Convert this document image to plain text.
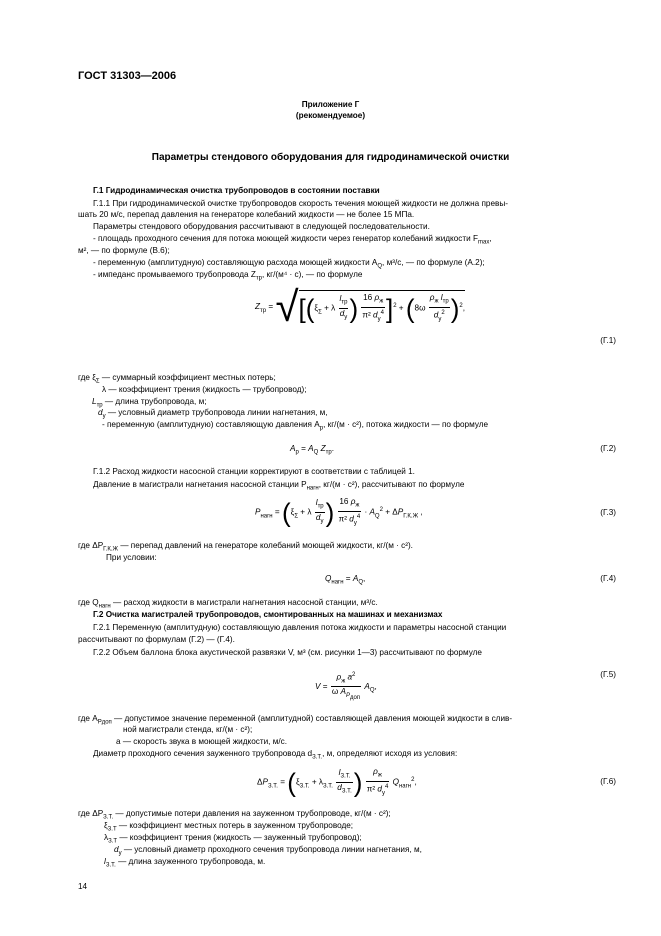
ГОСТ 31303—2006
Приложение Г
(рекомендуемое)
Параметры стендового оборудования для гидродинамической очистки
Г.1 Гидродинамическая очистка трубопроводов в состоянии поставки
Г.1.1 При гидродинамической очистке трубопроводов скорость течения моющей жидкости не должна превы-
шать 20 м/с, перепад давления на генераторе колебаний жидкости — не более 15 МПа.
Параметры стендового оборудования рассчитывают в следующей последовательности.
- площадь проходного сечения для потока моющей жидкости через генератор колебаний жидкости $F_{max}$,
м², — по формуле (В.6);
- переменную (амплитудную) составляющую расхода моющей жидкости $A_Q$, м³/с, — по формуле (А.2);
- импеданс промываемого трубопровода $Z_{тр}$, кг/(м⁴ · с), — по формуле
$Z_{тр} = √[(\xi_\Sigma + \lambda \frac{l_{тр}}{d_у}$ ) $\frac{16 \rho_ж}{\pi^2 d_у^4} ]^2 + (8\omega \frac{\rho_ж l_{тр}}{d_у^2} )^2$,
(Г.1)
где $\xi_\Sigma$ — суммарный коэффициент местных потерь;
λ — коэффициент трения (жидкость — трубопровод);
$L_{тр}$ — длина трубопровода, м;
$d_у$ — условный диаметр трубопровода линии нагнетания, м,
- переменную (амплитудную) составляющую давления $A_p$, кг/(м · с²), потока жидкости — по формуле
$A_p = A_Q$ $Z_{тр}$.	(Г.2)
Г.1.2 Расход жидкости насосной станции корректируют в соответствии с таблицей 1.
Давление в магистрали нагнетания насосной станции $P_{нагн}$, кг/(м · с²), рассчитывают по формуле
$P_{нагн} = (\xi_\Sigma + \lambda \frac{l_{тр}}{d_у}$ ) $\frac{16 \rho_ж}{\pi^2 d_у^4} \cdot A_Q^2 + \Delta P_{Г.К.Ж}$ ,	(Г.3)
где $\Delta P_{Г.К.Ж}$ — перепад давлений на генераторе колебаний моющей жидкости, кг/(м · с²).
При условии:
$Q_{нагн} = A_Q$,	(Г.4)
где $Q_{нагн}$ — расход жидкости в магистрали нагнетания насосной станции, м³/с.
Г.2 Очистка магистралей трубопроводов, смонтированных на машинах и механизмах
Г.2.1 Переменную (амплитудную) составляющую давления потока жидкости и параметры насосной станции
рассчитывают по формулам (Г.2) — (Г.4).
Г.2.2 Объем баллона блока акустической развязки V, м³ (см. рисунки 1—3) рассчитывают по формуле
$V = \frac{\rho_ж a^2}{\omega A_{P_{доп}}} A_Q$,
(Г.5)
где $A_{Pдоп}$ — допустимое значение переменной (амплитудной) составляющей давления моющей жидкости в слив-
ной магистрали стенда, кг/(м · с²);
a — скорость звука в моющей жидкости, м/с.
Диаметр проходного сечения зауженного трубопровода $d_{З.Т.}$, м, определяют исходя из условия:
$\Delta P_{З.Т.} = (\xi_{З.Т.} + \lambda_{З.Т.} \frac{l_{З.Т.}}{d_{З.Т.}}$ ) $\frac{\rho_ж}{\pi^2 d_у^4} Q_{нагн}^2$,	(Г.6)
где $\Delta P_{З.Т.}$ — допустимые потери давления на зауженном трубопроводе, кг/(м · с²);
$\xi_{З.Т}$ — коэффициент местных потерь в зауженном трубопроводе;
$\lambda_{З.Т}$ — коэффициент трения (жидкость — зауженный трубопровод);
$d_у$ — условный диаметр проходного сечения трубопровода линии нагнетания, м,
$l_{З.Т.}$ — длина зауженного трубопровода, м.
14
